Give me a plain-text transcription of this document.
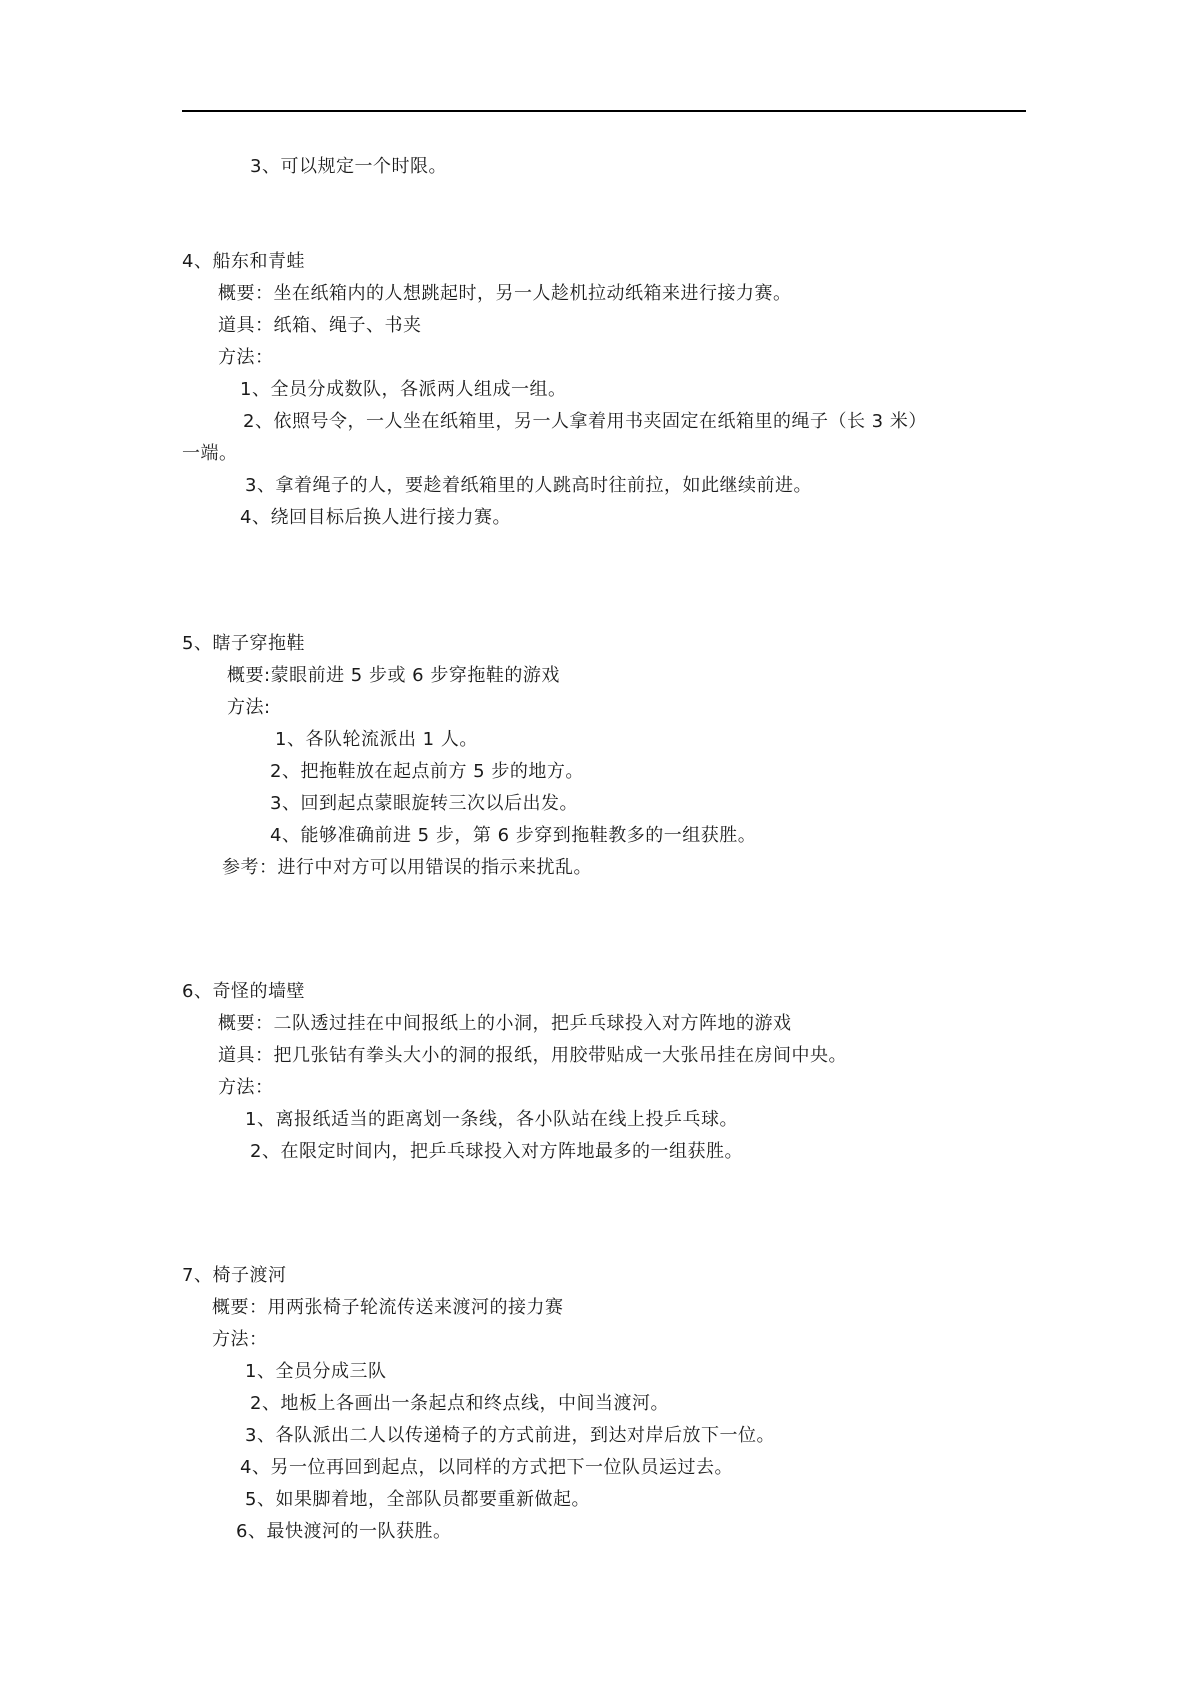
3、可以规定一个时限。
4、船东和青蛙
概要：坐在纸箱内的人想跳起时，另一人趁机拉动纸箱来进行接力赛。
道具：纸箱、绳子、书夹
方法：
1、全员分成数队，各派两人组成一组。
2、依照号令，一人坐在纸箱里，另一人拿着用书夹固定在纸箱里的绳子（长 3 米）
一端。
3、拿着绳子的人，要趁着纸箱里的人跳高时往前拉，如此继续前进。
4、绕回目标后换人进行接力赛。
5、瞎子穿拖鞋
概要:蒙眼前进 5 步或 6 步穿拖鞋的游戏
方法:
1、各队轮流派出 1 人。
2、把拖鞋放在起点前方 5 步的地方。
3、回到起点蒙眼旋转三次以后出发。
4、能够准确前进 5 步，第 6 步穿到拖鞋教多的一组获胜。
参考：进行中对方可以用错误的指示来扰乱。
6、奇怪的墙壁
概要：二队透过挂在中间报纸上的小洞，把乒乓球投入对方阵地的游戏
道具：把几张钻有拳头大小的洞的报纸，用胶带贴成一大张吊挂在房间中央。
方法：
1、离报纸适当的距离划一条线，各小队站在线上投乒乓球。
2、在限定时间内，把乒乓球投入对方阵地最多的一组获胜。
7、椅子渡河
概要：用两张椅子轮流传送来渡河的接力赛
方法：
1、全员分成三队
2、地板上各画出一条起点和终点线，中间当渡河。
3、各队派出二人以传递椅子的方式前进，到达对岸后放下一位。
4、另一位再回到起点，以同样的方式把下一位队员运过去。
5、如果脚着地，全部队员都要重新做起。
6、最快渡河的一队获胜。
